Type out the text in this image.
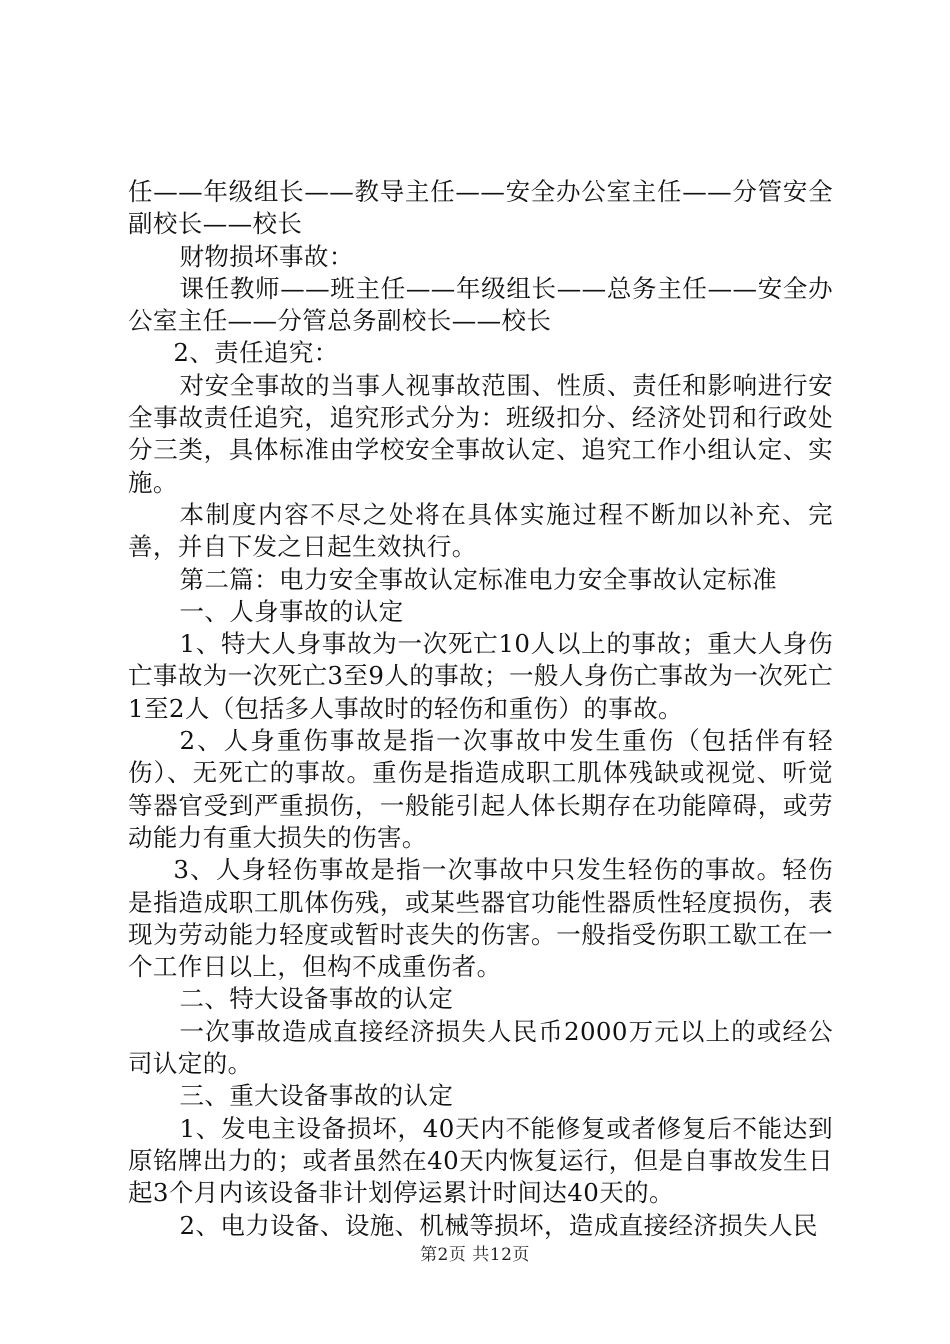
任——年级组长——教导主任——安全办公室主任——分管安全副校长——校长

财物损坏事故：

课任教师——班主任——年级组长——总务主任——安全办公室主任——分管总务副校长——校长

2、责任追究：

对安全事故的当事人视事故范围、性质、责任和影响进行安全事故责任追究，追究形式分为：班级扣分、经济处罚和行政处分三类，具体标准由学校安全事故认定、追究工作小组认定、实施。

本制度内容不尽之处将在具体实施过程不断加以补充、完善，并自下发之日起生效执行。

第二篇：电力安全事故认定标准电力安全事故认定标准

一、人身事故的认定

1、特大人身事故为一次死亡10人以上的事故；重大人身伤亡事故为一次死亡3至9人的事故；一般人身伤亡事故为一次死亡1至2人（包括多人事故时的轻伤和重伤）的事故。

2、人身重伤事故是指一次事故中发生重伤（包括伴有轻伤）、无死亡的事故。重伤是指造成职工肌体残缺或视觉、听觉等器官受到严重损伤，一般能引起人体长期存在功能障碍，或劳动能力有重大损失的伤害。

3、人身轻伤事故是指一次事故中只发生轻伤的事故。轻伤是指造成职工肌体伤残，或某些器官功能性器质性轻度损伤，表现为劳动能力轻度或暂时丧失的伤害。一般指受伤职工歇工在一个工作日以上，但构不成重伤者。

二、特大设备事故的认定

一次事故造成直接经济损失人民币2000万元以上的或经公司认定的。

三、重大设备事故的认定

1、发电主设备损坏，40天内不能修复或者修复后不能达到原铭牌出力的；或者虽然在40天内恢复运行，但是自事故发生日起3个月内该设备非计划停运累计时间达40天的。

2、电力设备、设施、机械等损坏，造成直接经济损失人民

第2页 共12页
